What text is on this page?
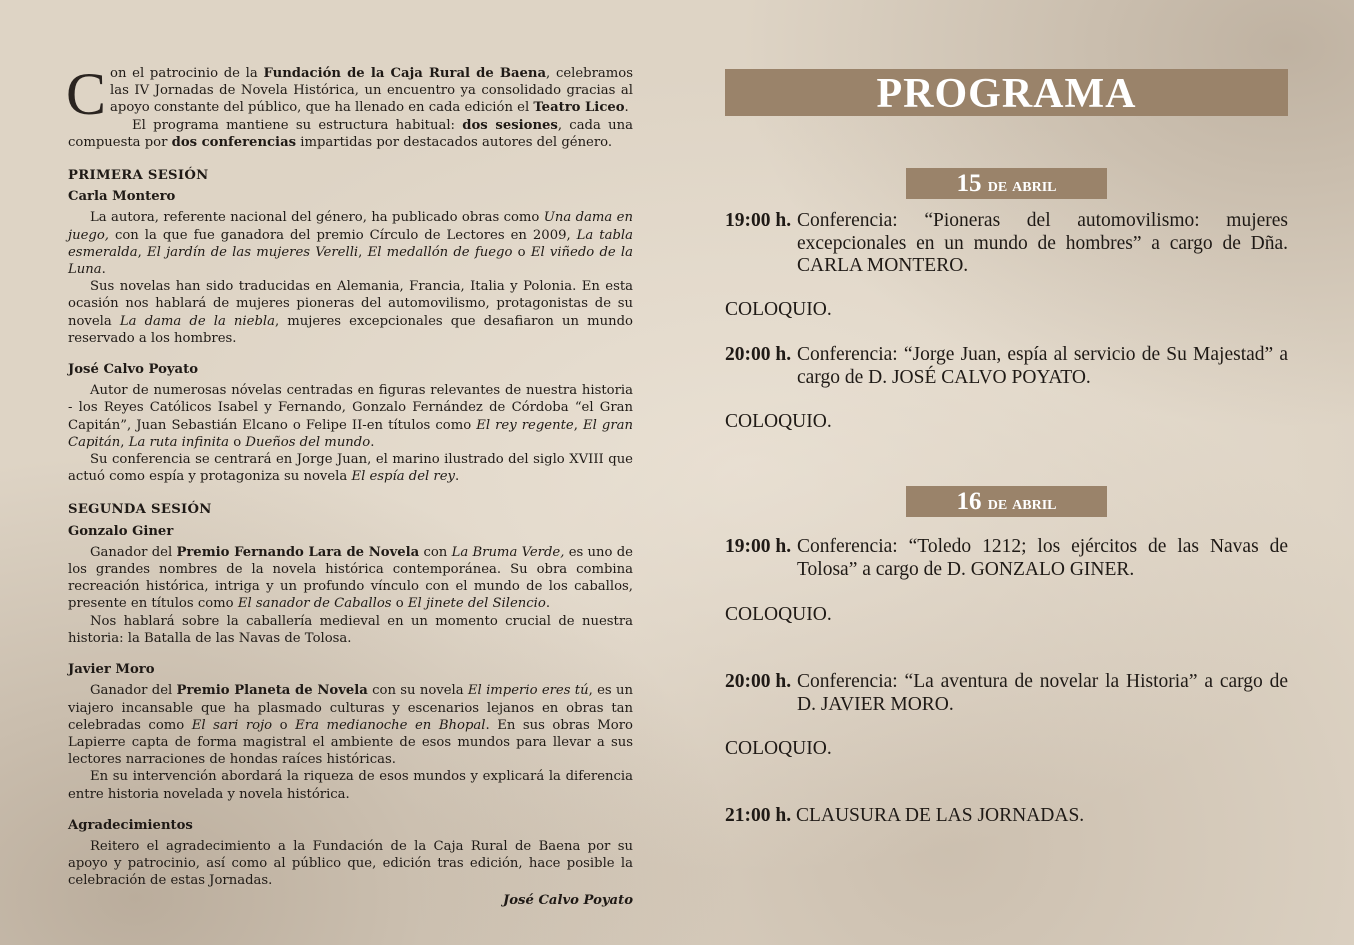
Con el patrocinio de la Fundación de la Caja Rural de Baena, celebramos las IV Jornadas de Novela Histórica, un encuentro ya consolidado gracias al apoyo constante del público, que ha llenado en cada edición el Teatro Liceo.

El programa mantiene su estructura habitual: dos sesiones, cada una compuesta por dos conferencias impartidas por destacados autores del género.

PRIMERA SESIÓN

Carla Montero

La autora, referente nacional del género, ha publicado obras como Una dama en juego, con la que fue ganadora del premio Círculo de Lectores en 2009, La tabla esmeralda, El jardín de las mujeres Verelli, El medallón de fuego o El viñedo de la Luna.

Sus novelas han sido traducidas en Alemania, Francia, Italia y Polonia. En esta ocasión nos hablará de mujeres pioneras del automovilismo, protagonistas de su novela La dama de la niebla, mujeres excepcionales que desafiaron un mundo reservado a los hombres.

José Calvo Poyato

Autor de numerosas nóvelas centradas en figuras relevantes de nuestra historia - los Reyes Católicos Isabel y Fernando, Gonzalo Fernández de Córdoba “el Gran Capitán”, Juan Sebastián Elcano o Felipe II-en títulos como El rey regente, El gran Capitán, La ruta infinita o Dueños del mundo.

Su conferencia se centrará en Jorge Juan, el marino ilustrado del siglo XVIII que actuó como espía y protagoniza su novela El espía del rey.

SEGUNDA SESIÓN

Gonzalo Giner

Ganador del Premio Fernando Lara de Novela con La Bruma Verde, es uno de los grandes nombres de la novela histórica contemporánea. Su obra combina recreación histórica, intriga y un profundo vínculo con el mundo de los caballos, presente en títulos como El sanador de Caballos o El jinete del Silencio.

Nos hablará sobre la caballería medieval en un momento crucial de nuestra historia: la Batalla de las Navas de Tolosa.

Javier Moro

Ganador del Premio Planeta de Novela con su novela El imperio eres tú, es un viajero incansable que ha plasmado culturas y escenarios lejanos en obras tan celebradas como El sari rojo o Era medianoche en Bhopal. En sus obras Moro Lapierre capta de forma magistral el ambiente de esos mundos para llevar a sus lectores narraciones de hondas raíces históricas.

En su intervención abordará la riqueza de esos mundos y explicará la diferencia entre historia novelada y novela histórica.

Agradecimientos

Reitero el agradecimiento a la Fundación de la Caja Rural de Baena por su apoyo y patrocinio, así como al público que, edición tras edición, hace posible la celebración de estas Jornadas.

José Calvo Poyato

PROGRAMA
15 de abril
19:00 h. Conferencia: “Pioneras del automovilismo: mujeres excepcionales en un mundo de hombres” a cargo de Dña. CARLA MONTERO.
COLOQUIO.
20:00 h. Conferencia: “Jorge Juan, espía al servicio de Su Majestad” a cargo de D. JOSÉ CALVO POYATO.
COLOQUIO.
16 de abril
19:00 h. Conferencia: “Toledo 1212; los ejércitos de las Navas de Tolosa” a cargo de D. GONZALO GINER.
COLOQUIO.
20:00 h. Conferencia: “La aventura de novelar la Historia” a cargo de D. JAVIER MORO.
COLOQUIO.
21:00 h. CLAUSURA DE LAS JORNADAS.
